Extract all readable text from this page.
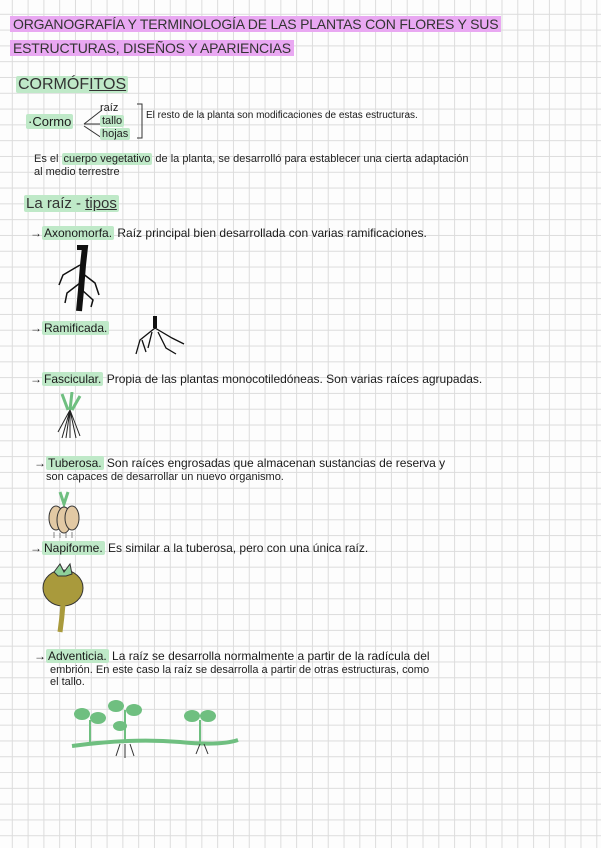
ORGANOGRAFÍA Y TERMINOLOGÍA DE LAS PLANTAS CON FLORES Y SUS
ESTRUCTURAS, DISEÑOS Y APARIENCIAS
CORMÓFITOS
·Cormo
raíz
tallo
hojas
El resto de la planta son modificaciones de estas estructuras.
Es el cuerpo vegetativo de la planta, se desarrolló para establecer una cierta adaptación
al medio terrestre
La raíz - tipos
→ Axonomorfa. Raíz principal bien desarrollada con varias ramificaciones.
→ Ramificada.
→ Fascicular. Propia de las plantas monocotiledóneas. Son varias raíces agrupadas.
→ Tuberosa. Son raíces engrosadas que almacenan sustancias de reserva y
son capaces de desarrollar un nuevo organismo.
→ Napiforme. Es similar a la tuberosa, pero con una única raíz.
→ Adventicia. La raíz se desarrolla normalmente a partir de la radícula del
embrión. En este caso la raíz se desarrolla a partir de otras estructuras, como
el tallo.
